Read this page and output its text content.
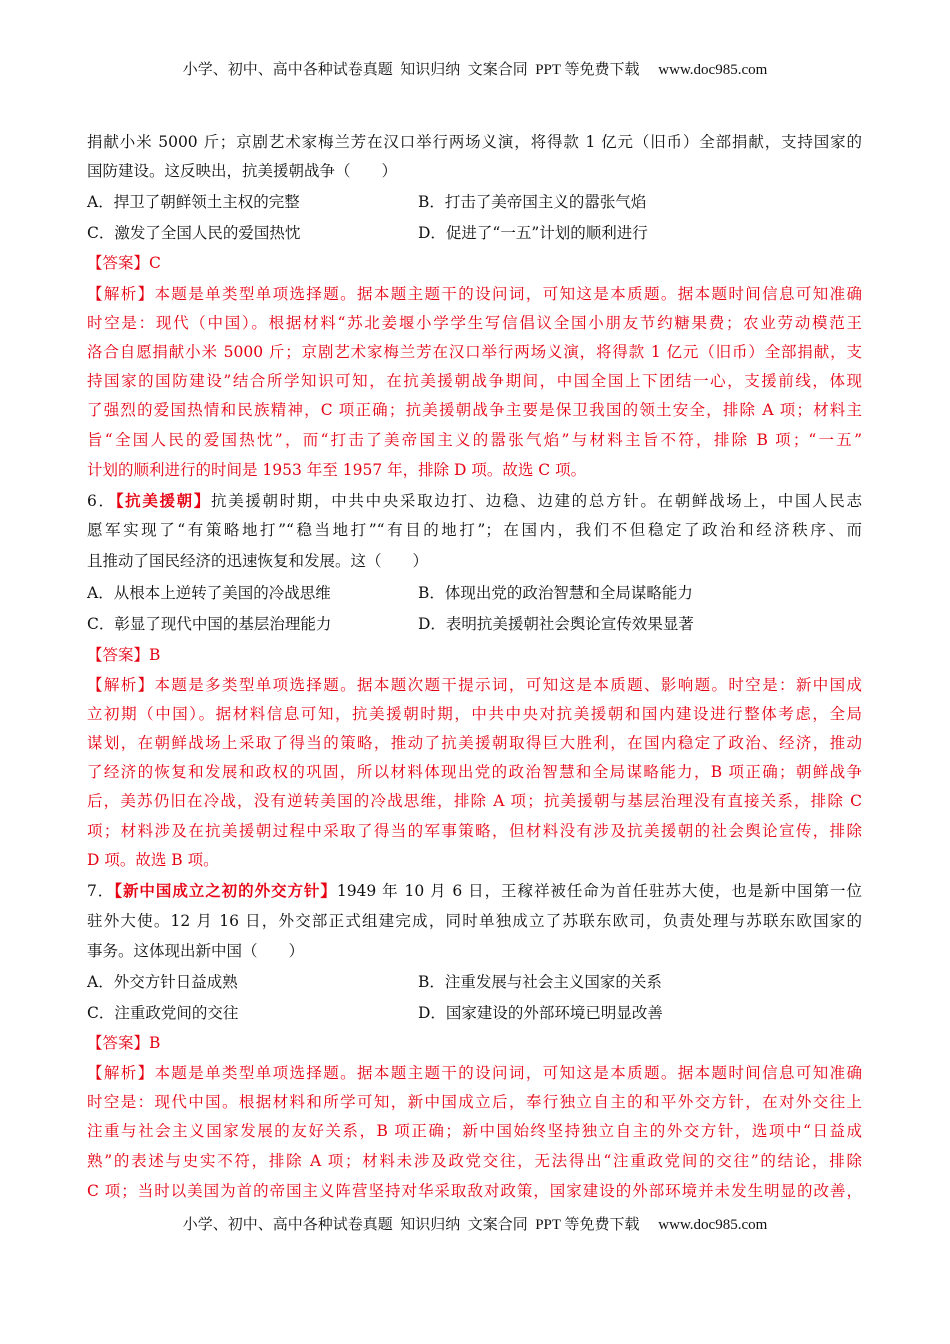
小学、初中、高中各种试卷真题  知识归纳  文案合同  PPT 等免费下载     www.doc985.com
捐献小米 5000 斤；京剧艺术家梅兰芳在汉口举行两场义演，将得款 1 亿元（旧币）全部捐献，支持国家的
国防建设。这反映出，抗美援朝战争（　　）
A．捍卫了朝鲜领土主权的完整	B．打击了美帝国主义的嚣张气焰
C．激发了全国人民的爱国热忱	D．促进了“一五”计划的顺利进行
【答案】C
【解析】本题是单类型单项选择题。据本题主题干的设问词，可知这是本质题。据本题时间信息可知准确
时空是：现代（中国）。根据材料“苏北姜堰小学学生写信倡议全国小朋友节约糖果费；农业劳动模范王
洛合自愿捐献小米 5000 斤；京剧艺术家梅兰芳在汉口举行两场义演，将得款 1 亿元（旧币）全部捐献，支
持国家的国防建设”结合所学知识可知，在抗美援朝战争期间，中国全国上下团结一心，支援前线，体现
了强烈的爱国热情和民族精神，C 项正确；抗美援朝战争主要是保卫我国的领土安全，排除 A 项；材料主
旨“全国人民的爱国热忱”，而“打击了美帝国主义的嚣张气焰”与材料主旨不符，排除 B 项；“一五”
计划的顺利进行的时间是 1953 年至 1957 年，排除 D 项。故选 C 项。
6．【抗美援朝】抗美援朝时期，中共中央采取边打、边稳、边建的总方针。在朝鲜战场上，中国人民志
愿军实现了“有策略地打”“稳当地打”“有目的地打”；在国内，我们不但稳定了政治和经济秩序、而
且推动了国民经济的迅速恢复和发展。这（　　）
A．从根本上逆转了美国的冷战思维	B．体现出党的政治智慧和全局谋略能力
C．彰显了现代中国的基层治理能力	D．表明抗美援朝社会舆论宣传效果显著
【答案】B
【解析】本题是多类型单项选择题。据本题次题干提示词，可知这是本质题、影响题。时空是：新中国成
立初期（中国）。据材料信息可知，抗美援朝时期，中共中央对抗美援朝和国内建设进行整体考虑，全局
谋划，在朝鲜战场上采取了得当的策略，推动了抗美援朝取得巨大胜利，在国内稳定了政治、经济，推动
了经济的恢复和发展和政权的巩固，所以材料体现出党的政治智慧和全局谋略能力，B 项正确；朝鲜战争
后，美苏仍旧在冷战，没有逆转美国的冷战思维，排除 A 项；抗美援朝与基层治理没有直接关系，排除 C
项；材料涉及在抗美援朝过程中采取了得当的军事策略，但材料没有涉及抗美援朝的社会舆论宣传，排除
D 项。故选 B 项。
7．【新中国成立之初的外交方针】1949 年 10 月 6 日，王稼祥被任命为首任驻苏大使，也是新中国第一位
驻外大使。12 月 16 日，外交部正式组建完成，同时单独成立了苏联东欧司，负责处理与苏联东欧国家的
事务。这体现出新中国（　　）
A．外交方针日益成熟	B．注重发展与社会主义国家的关系
C．注重政党间的交往	D．国家建设的外部环境已明显改善
【答案】B
【解析】本题是单类型单项选择题。据本题主题干的设问词，可知这是本质题。据本题时间信息可知准确
时空是：现代中国。根据材料和所学可知，新中国成立后，奉行独立自主的和平外交方针，在对外交往上
注重与社会主义国家发展的友好关系，B 项正确；新中国始终坚持独立自主的外交方针，选项中“日益成
熟”的表述与史实不符，排除 A 项；材料未涉及政党交往，无法得出“注重政党间的交往”的结论，排除
C 项；当时以美国为首的帝国主义阵营坚持对华采取敌对政策，国家建设的外部环境并未发生明显的改善，
小学、初中、高中各种试卷真题  知识归纳  文案合同  PPT 等免费下载     www.doc985.com
